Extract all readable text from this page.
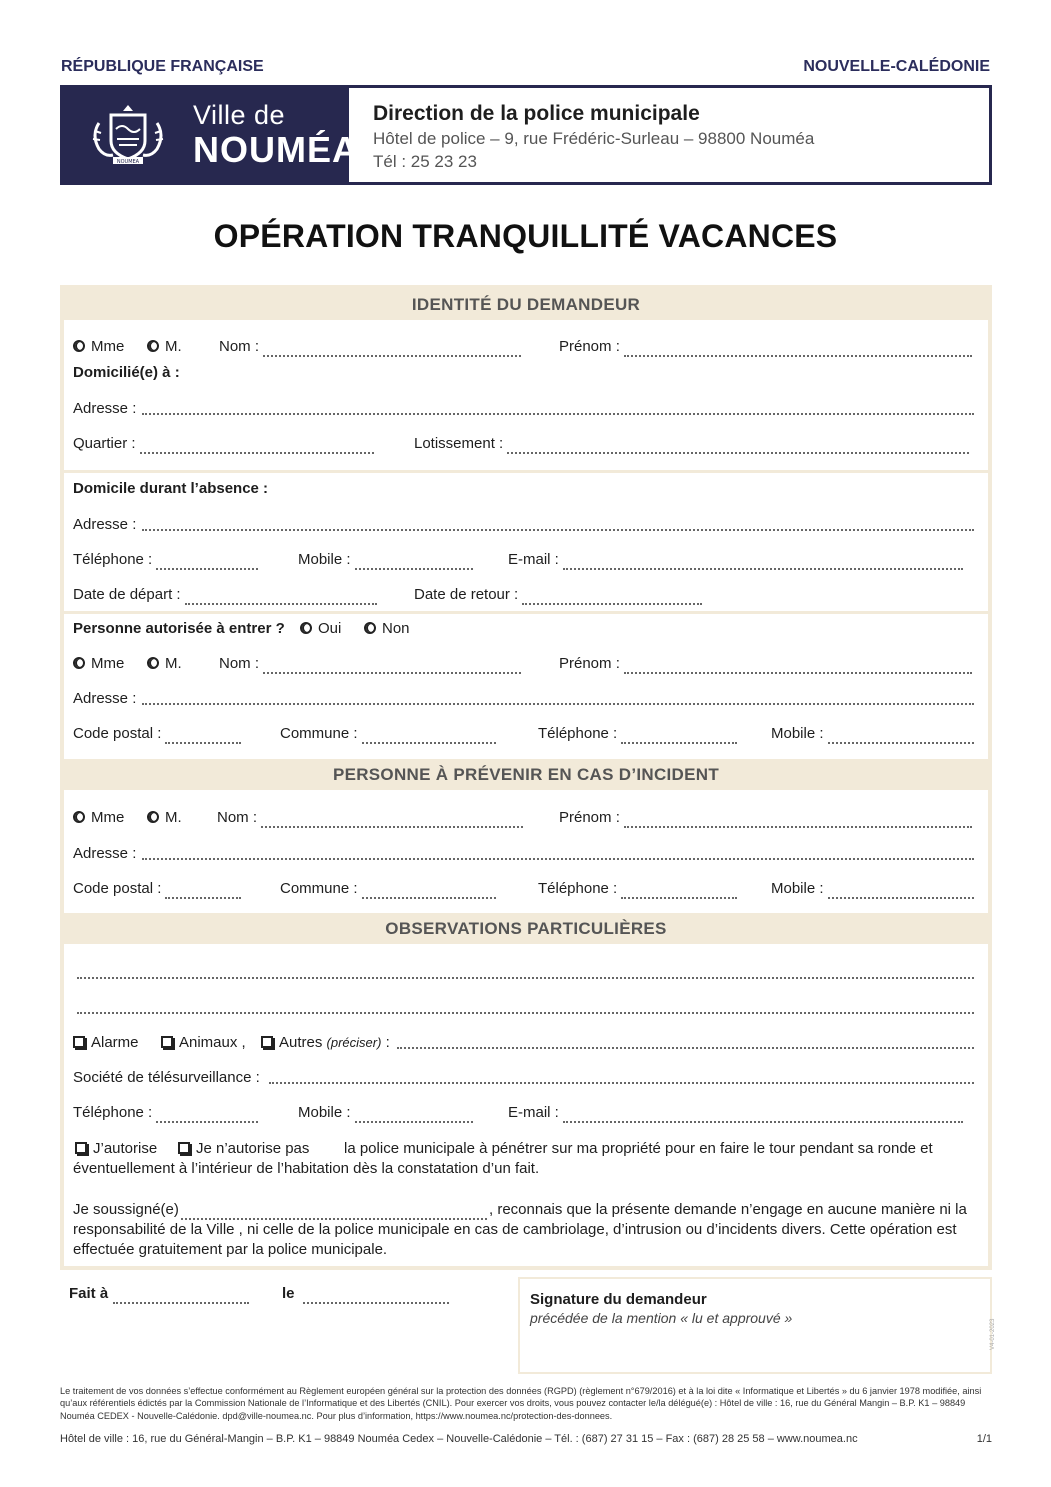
RÉPUBLIQUE FRANÇAISE	NOUVELLE-CALÉDONIE
NOUMEA
Ville de
NOUMÉA
Direction de la police municipale
Hôtel de police – 9, rue Frédéric-Surleau – 98800 Nouméa
Tél : 25 23 23
OPÉRATION TRANQUILLITÉ VACANCES
IDENTITÉ DU DEMANDEUR
Mme	M. Nom :	Prénom :
Domicilié(e) à :
Adresse :
Quartier :	Lotissement :
Domicile durant l’absence :
Adresse :
Téléphone :	Mobile :	E-mail :
Date de départ :	Date de retour :
Personne autorisée à entrer ?	Oui	Non
Mme	M. Nom :	Prénom :
Adresse :
Code postal :	Commune :	Téléphone :	Mobile :
PERSONNE À PRÉVENIR EN CAS D’INCIDENT
Mme	M. Nom :	Prénom :
Adresse :
Code postal :	Commune :	Téléphone :	Mobile :
OBSERVATIONS PARTICULIÈRES
Alarme	Animaux ,	Autres (préciser) :
Société de télésurveillance :
Téléphone :	Mobile :	E-mail :
J’autorise	Je n’autorise pas la police municipale à pénétrer sur ma propriété pour en faire le tour pendant sa ronde et
éventuellement à l’intérieur de l’habitation dès la constatation d’un fait.
Je soussigné(e)	, reconnais que la présente demande n’engage en aucune manière ni la
responsabilité de la Ville , ni celle de la police municipale en cas de cambriolage, d’intrusion ou d’incidents divers. Cette opération est
effectuée gratuitement par la police municipale.
Fait à	le	Signature du demandeur
précédée de la mention « lu et approuvé »
V4-01-2023
Le traitement de vos données s’effectue conformément au Règlement européen général sur la protection des données (RGPD) (règlement n°679/2016) et à la loi dite « Informatique et Libertés » du 6 janvier 1978 modifiée, ainsi qu’aux référentiels édictés par la Commission Nationale de l’Informatique et des Libertés (CNIL). Pour exercer vos droits, vous pouvez contacter le/la délégué(e) : Hôtel de ville : 16, rue du Général Mangin – B.P. K1 – 98849 Nouméa CEDEX - Nouvelle-Calédonie. dpd@ville-noumea.nc. Pour plus d’information, https://www.noumea.nc/protection-des-donnees.
Hôtel de ville : 16, rue du Général-Mangin – B.P. K1 – 98849 Nouméa Cedex – Nouvelle-Calédonie – Tél. : (687) 27 31 15 – Fax : (687) 28 25 58 – www.noumea.nc	1/1
